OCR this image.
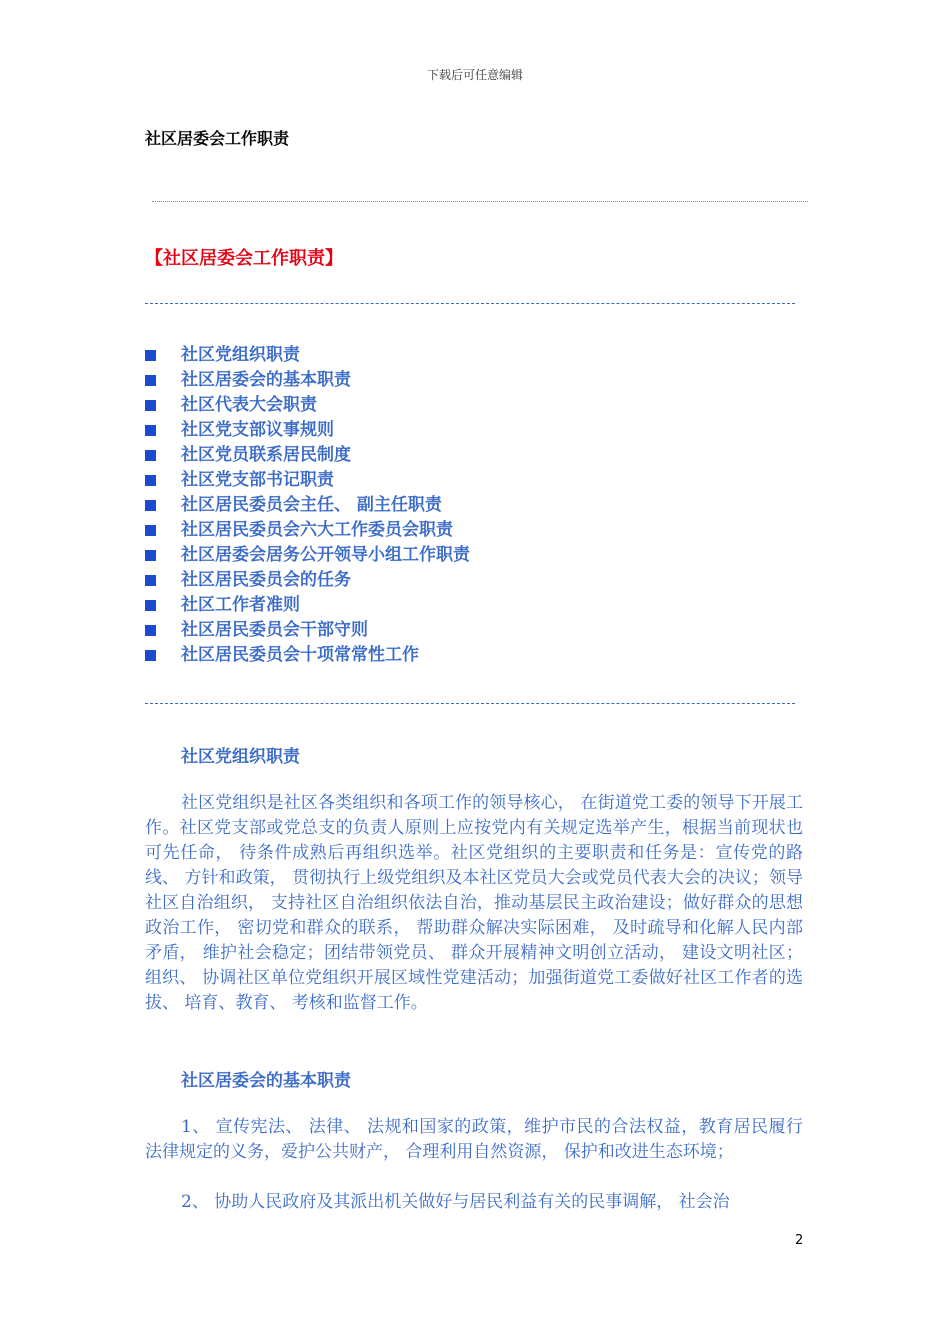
下载后可任意编辑
社区居委会工作职责
【社区居委会工作职责】
社区党组织职责
社区居委会的基本职责
社区代表大会职责
社区党支部议事规则
社区党员联系居民制度
社区党支部书记职责
社区居民委员会主任、 副主任职责
社区居民委员会六大工作委员会职责
社区居委会居务公开领导小组工作职责
社区居民委员会的任务
社区工作者准则
社区居民委员会干部守则
社区居民委员会十项常常性工作
社区党组织职责

社区党组织是社区各类组织和各项工作的领导核心， 在街道党工委的领导下开展工作。社区党支部或党总支的负责人原则上应按党内有关规定选举产生，根据当前现状也可先任命， 待条件成熟后再组织选举。社区党组织的主要职责和任务是：宣传党的路线、 方针和政策， 贯彻执行上级党组织及本社区党员大会或党员代表大会的决议；领导社区自治组织， 支持社区自治组织依法自治，推动基层民主政治建设；做好群众的思想政治工作， 密切党和群众的联系， 帮助群众解决实际困难， 及时疏导和化解人民内部矛盾， 维护社会稳定；团结带领党员、 群众开展精神文明创立活动， 建设文明社区；组织、 协调社区单位党组织开展区域性党建活动；加强街道党工委做好社区工作者的选拔、 培育、教育、 考核和监督工作。

社区居委会的基本职责

1、 宣传宪法、 法律、 法规和国家的政策，维护市民的合法权益，教育居民履行法律规定的义务，爱护公共财产， 合理利用自然资源， 保护和改进生态环境；

2、 协助人民政府及其派出机关做好与居民利益有关的民事调解， 社会治

2
